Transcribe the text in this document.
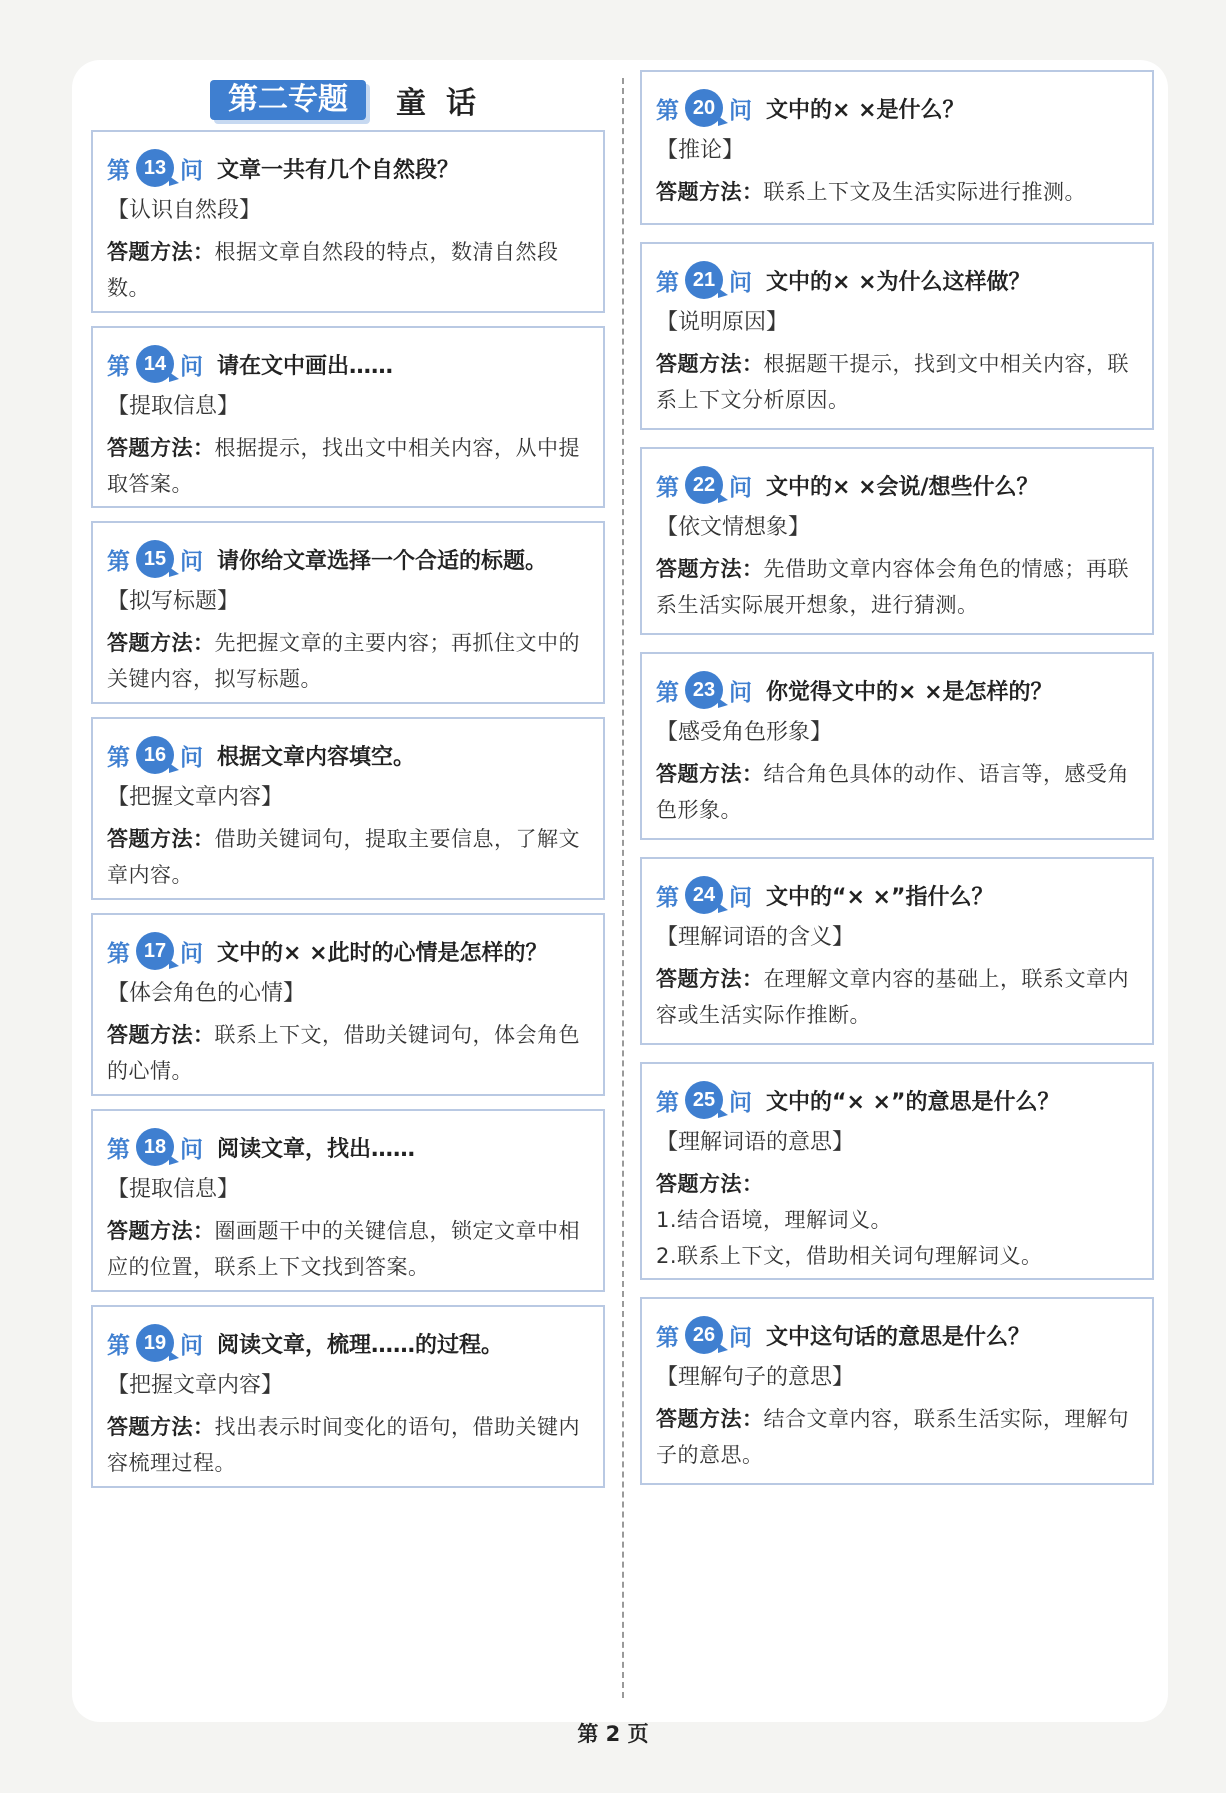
第二专题	童话
第 13 问 文章一共有几个自然段？
【认识自然段】
答题方法：根据文章自然段的特点，数清自然段数。
第 14 问 请在文中画出……
【提取信息】
答题方法：根据提示，找出文中相关内容，从中提取答案。
第 15 问 请你给文章选择一个合适的标题。
【拟写标题】
答题方法：先把握文章的主要内容；再抓住文中的关键内容，拟写标题。
第 16 问 根据文章内容填空。
【把握文章内容】
答题方法：借助关键词句，提取主要信息，了解文章内容。
第 17 问 文中的× ×此时的心情是怎样的？
【体会角色的心情】
答题方法：联系上下文，借助关键词句，体会角色的心情。
第 18 问 阅读文章，找出……
【提取信息】
答题方法：圈画题干中的关键信息，锁定文章中相应的位置，联系上下文找到答案。
第 19 问 阅读文章，梳理……的过程。
【把握文章内容】
答题方法：找出表示时间变化的语句，借助关键内容梳理过程。
第 20 问 文中的× ×是什么？
【推论】
答题方法：联系上下文及生活实际进行推测。
第 21 问 文中的× ×为什么这样做？
【说明原因】
答题方法：根据题干提示，找到文中相关内容，联系上下文分析原因。
第 22 问 文中的× ×会说/想些什么？
【依文情想象】
答题方法：先借助文章内容体会角色的情感；再联系生活实际展开想象，进行猜测。
第 23 问 你觉得文中的× ×是怎样的？
【感受角色形象】
答题方法：结合角色具体的动作、语言等，感受角色形象。
第 24 问 文中的“× ×”指什么？
【理解词语的含义】
答题方法：在理解文章内容的基础上，联系文章内容或生活实际作推断。
第 25 问 文中的“× ×”的意思是什么？
【理解词语的意思】
答题方法：
1.结合语境，理解词义。
2.联系上下文，借助相关词句理解词义。
第 26 问 文中这句话的意思是什么？
【理解句子的意思】
答题方法：结合文章内容，联系生活实际，理解句子的意思。
第 2 页
